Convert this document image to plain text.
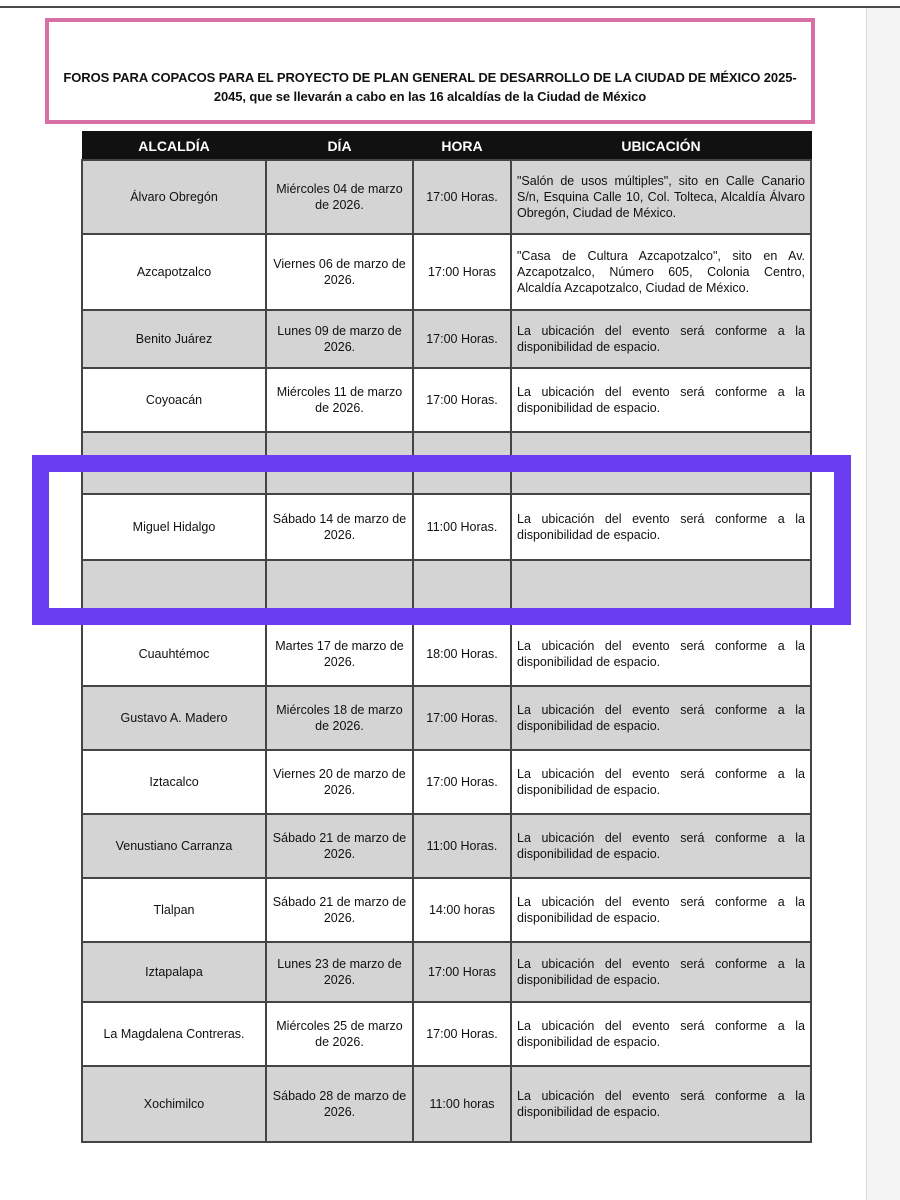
FOROS PARA COPACOS PARA EL PROYECTO DE PLAN GENERAL DE DESARROLLO DE LA CIUDAD DE MÉXICO 2025-2045, que se llevarán a cabo en las 16 alcaldías de la Ciudad de México
ALCALDÍA	DÍA	HORA	UBICACIÓN
Álvaro Obregón	Miércoles 04 de marzo de 2026.	17:00 Horas.	"Salón de usos múltiples", sito en Calle Canario S/n, Esquina Calle 10, Col. Tolteca, Alcaldía Álvaro Obregón, Ciudad de México.
Azcapotzalco	Viernes 06 de marzo de 2026.	17:00 Horas	"Casa de Cultura Azcapotzalco", sito en Av. Azcapotzalco, Número 605, Colonia Centro, Alcaldía Azcapotzalco, Ciudad de México.
Benito Juárez	Lunes 09 de marzo de 2026.	17:00 Horas.	La ubicación del evento será conforme a la disponibilidad de espacio.
Coyoacán	Miércoles 11 de marzo de 2026.	17:00 Horas.	La ubicación del evento será conforme a la disponibilidad de espacio.

Miguel Hidalgo	Sábado 14 de marzo de 2026.	11:00 Horas.	La ubicación del evento será conforme a la disponibilidad de espacio.

Cuauhtémoc	Martes 17 de marzo de 2026.	18:00 Horas.	La ubicación del evento será conforme a la disponibilidad de espacio.
Gustavo A. Madero	Miércoles 18 de marzo de 2026.	17:00 Horas.	La ubicación del evento será conforme a la disponibilidad de espacio.
Iztacalco	Viernes 20 de marzo de 2026.	17:00 Horas.	La ubicación del evento será conforme a la disponibilidad de espacio.
Venustiano Carranza	Sábado 21 de marzo de 2026.	11:00 Horas.	La ubicación del evento será conforme a la disponibilidad de espacio.
Tlalpan	Sábado 21 de marzo de 2026.	14:00 horas	La ubicación del evento será conforme a la disponibilidad de espacio.
Iztapalapa	Lunes 23 de marzo de 2026.	17:00 Horas	La ubicación del evento será conforme a la disponibilidad de espacio.
La Magdalena Contreras.	Miércoles 25 de marzo de 2026.	17:00 Horas.	La ubicación del evento será conforme a la disponibilidad de espacio.
Xochimilco	Sábado 28 de marzo de 2026.	11:00 horas	La ubicación del evento será conforme a la disponibilidad de espacio.
